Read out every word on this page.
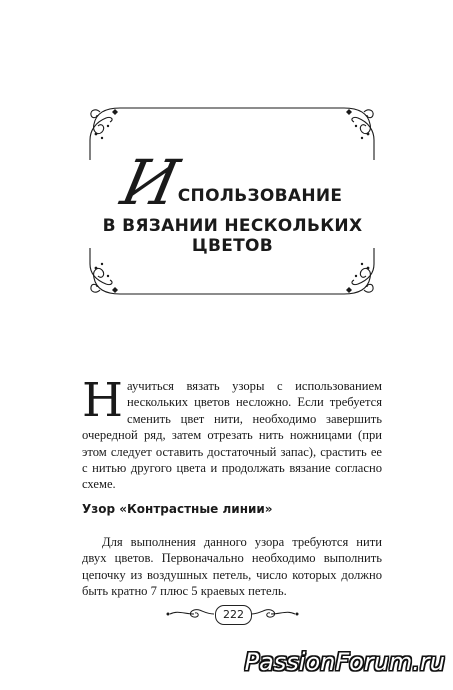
И
СПОЛЬЗОВАНИЕ
В ВЯЗАНИИ НЕСКОЛЬКИХ ЦВЕТОВ
Н аучиться вязать узоры с использованием нескольких цветов несложно. Если требуется сменить цвет нити, необходимо завершить очередной ряд, затем отрезать нить ножницами (при этом следует оставить достаточный запас), срастить ее с нитью другого цвета и продолжать вязание согласно схеме.

Узор «Контрастные линии»

Для выполнения данного узора требуются нити двух цветов. Первоначально необходимо выполнить цепочку из воздушных петель, число которых должно быть кратно 7 плюс 5 краевых петель.

222
PassionForum.ru
